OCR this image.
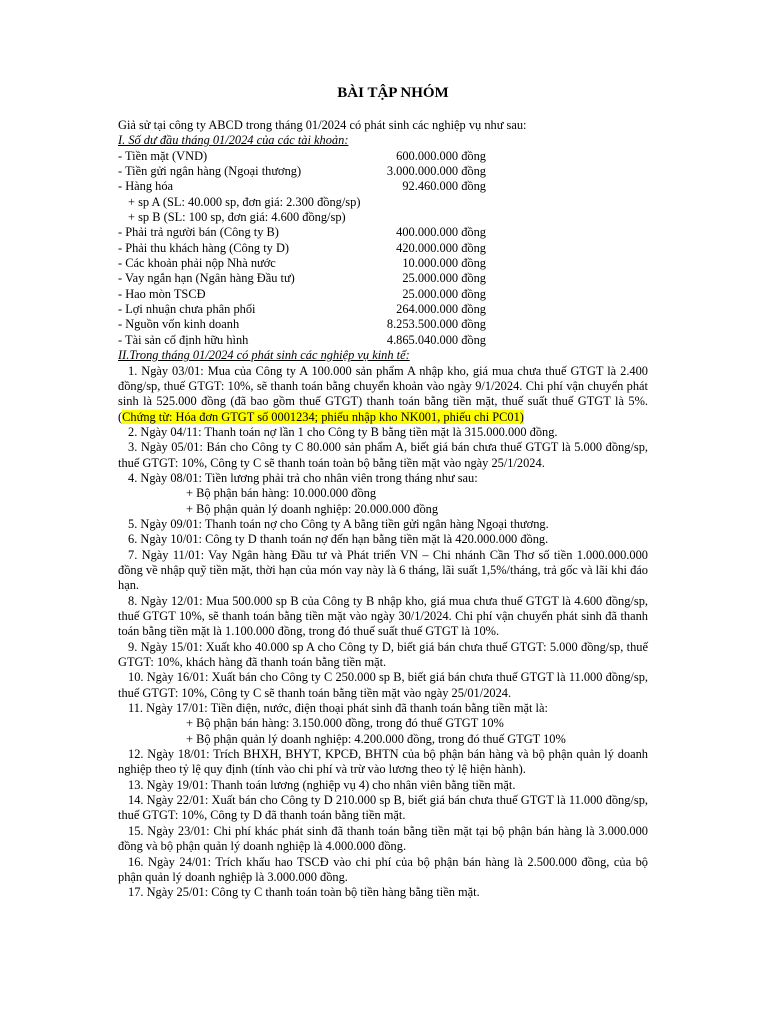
BÀI TẬP NHÓM
Giả sử tại công ty ABCD trong tháng 01/2024 có phát sinh các nghiệp vụ như sau:
I. Số dư đầu tháng 01/2024 của các tài khoản:
- Tiền mặt (VND)	600.000.000 đồng
- Tiền gửi ngân hàng (Ngoại thương)	3.000.000.000 đồng
- Hàng hóa	92.460.000 đồng
+ sp A (SL: 40.000 sp, đơn giá: 2.300 đồng/sp)
+ sp B (SL: 100 sp, đơn giá: 4.600 đồng/sp)
- Phải trả người bán (Công ty B)	400.000.000 đồng
- Phải thu khách hàng (Công ty D)	420.000.000 đồng
- Các khoản phải nộp Nhà nước	10.000.000 đồng
- Vay ngắn hạn (Ngân hàng Đầu tư)	25.000.000 đồng
- Hao mòn TSCĐ	25.000.000 đồng
- Lợi nhuận chưa phân phối	264.000.000 đồng
- Nguồn vốn kinh doanh	8.253.500.000 đồng
- Tài sản cố định hữu hình	4.865.040.000 đồng
II.Trong tháng 01/2024 có phát sinh các nghiệp vụ kinh tế:
1. Ngày 03/01: Mua của Công ty A 100.000 sản phẩm A nhập kho, giá mua chưa thuế GTGT là 2.400 đồng/sp, thuế GTGT: 10%, sẽ thanh toán bằng chuyển khoản vào ngày 9/1/2024. Chi phí vận chuyển phát sinh là 525.000 đồng (đã bao gồm thuế GTGT) thanh toán bằng tiền mặt, thuế suất thuế GTGT là 5%. (Chứng từ: Hóa đơn GTGT số 0001234; phiếu nhập kho NK001, phiếu chi PC01)
2. Ngày 04/11: Thanh toán nợ lần 1 cho Công ty B bằng tiền mặt là 315.000.000 đồng.
3. Ngày 05/01: Bán cho Công ty C 80.000 sản phẩm A, biết giá bán chưa thuế GTGT là 5.000 đồng/sp, thuế GTGT: 10%, Công ty C sẽ thanh toán toàn bộ bằng tiền mặt vào ngày 25/1/2024.
4. Ngày 08/01: Tiền lương phải trả cho nhân viên trong tháng như sau:
+ Bộ phận bán hàng: 10.000.000 đồng
+ Bộ phận quản lý doanh nghiệp: 20.000.000 đồng
5. Ngày 09/01: Thanh toán nợ cho Công ty A bằng tiền gửi ngân hàng Ngoại thương.
6. Ngày 10/01: Công ty D thanh toán nợ đến hạn bằng tiền mặt là 420.000.000 đồng.
7. Ngày 11/01: Vay Ngân hàng Đầu tư và Phát triển VN – Chi nhánh Cần Thơ số tiền 1.000.000.000 đồng về nhập quỹ tiền mặt, thời hạn của món vay này là 6 tháng, lãi suất 1,5%/tháng, trả gốc và lãi khi đáo hạn.
8. Ngày 12/01: Mua 500.000 sp B của Công ty B nhập kho, giá mua chưa thuế GTGT là 4.600 đồng/sp, thuế GTGT 10%, sẽ thanh toán bằng tiền mặt vào ngày 30/1/2024. Chi phí vận chuyển phát sinh đã thanh toán bằng tiền mặt là 1.100.000 đồng, trong đó thuế suất thuế GTGT là 10%.
9. Ngày 15/01: Xuất kho 40.000 sp A cho Công ty D, biết giá bán chưa thuế GTGT: 5.000 đồng/sp, thuế GTGT: 10%, khách hàng đã thanh toán bằng tiền mặt.
10. Ngày 16/01: Xuất bán cho Công ty C 250.000 sp B, biết giá bán chưa thuế GTGT là 11.000 đồng/sp, thuế GTGT: 10%, Công ty C sẽ thanh toán bằng tiền mặt vào ngày 25/01/2024.
11. Ngày 17/01: Tiền điện, nước, điện thoại phát sinh đã thanh toán bằng tiền mặt là:
+ Bộ phận bán hàng: 3.150.000 đồng, trong đó thuế GTGT 10%
+ Bộ phận quản lý doanh nghiệp: 4.200.000 đồng, trong đó thuế GTGT 10%
12. Ngày 18/01: Trích BHXH, BHYT, KPCĐ, BHTN của bộ phận bán hàng và bộ phận quản lý doanh nghiệp theo tỷ lệ quy định (tính vào chi phí và trừ vào lương theo tỷ lệ hiện hành).
13. Ngày 19/01: Thanh toán lương (nghiệp vụ 4) cho nhân viên bằng tiền mặt.
14. Ngày 22/01: Xuất bán cho Công ty D 210.000 sp B, biết giá bán chưa thuế GTGT là 11.000 đồng/sp, thuế GTGT: 10%, Công ty D đã thanh toán bằng tiền mặt.
15. Ngày 23/01: Chi phí khác phát sinh đã thanh toán bằng tiền mặt tại bộ phận bán hàng là 3.000.000 đồng và bộ phận quản lý doanh nghiệp là 4.000.000 đồng.
16. Ngày 24/01: Trích khấu hao TSCĐ vào chi phí của bộ phận bán hàng là 2.500.000 đồng, của bộ phận quản lý doanh nghiệp là 3.000.000 đồng.
17. Ngày 25/01: Công ty C thanh toán toàn bộ tiền hàng bằng tiền mặt.
